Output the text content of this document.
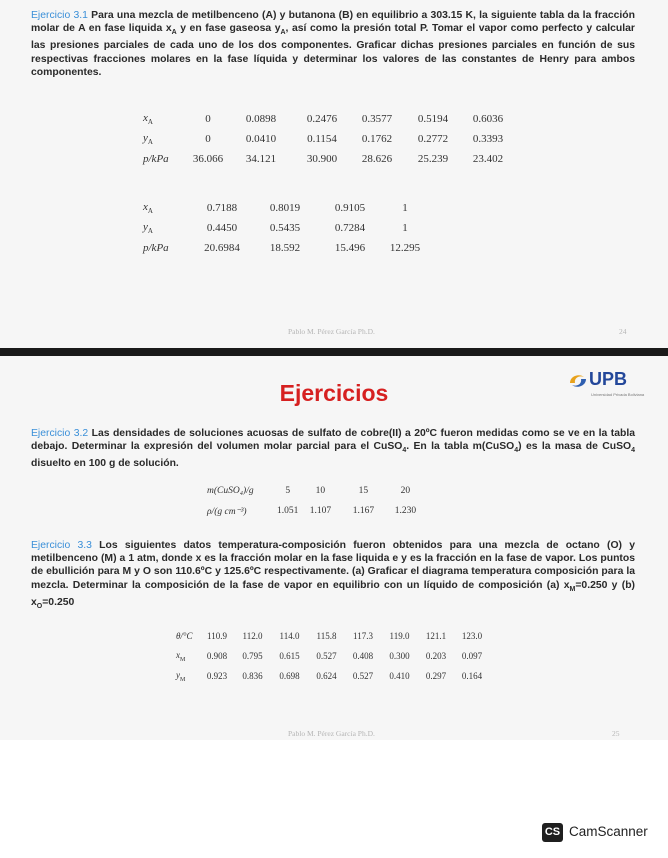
Ejercicio 3.1 Para una mezcla de metilbenceno (A) y butanona (B) en equilibrio a 303.15 K, la siguiente tabla da la fracción molar de A en fase liquida $x_A$ y en fase gaseosa $y_A$, así como la presión total P. Tomar el vapor como perfecto y calcular las presiones parciales de cada uno de los dos componentes. Graficar dichas presiones parciales en función de sus respectivas fracciones molares en la fase líquida y determinar los valores de las constantes de Henry para ambos componentes.

$x_A$	0	0.0898	0.2476	0.3577	0.5194	0.6036
$y_A$	0	0.0410	0.1154	0.1762	0.2772	0.3393
p/kPa	36.066	34.121	30.900	28.626	25.239	23.402
$x_A$	0.7188	0.8019	0.9105	1
$y_A$	0.4450	0.5435	0.7284	1
p/kPa	20.6984	18.592	15.496	12.295
Pablo M. Pérez García Ph.D.	24
Ejercicios
UPB
Universidad Privada Boliviana

Ejercicio 3.2 Las densidades de soluciones acuosas de sulfato de cobre(II) a 20ºC fueron medidas como se ve en la tabla debajo. Determinar la expresión del volumen molar parcial para el CuSO$_4$. En la tabla m(CuSO$_4$) es la masa de CuSO$_4$ disuelto en 100 g de solución.

m(CuSO₄)/g	5	10	15	20
ρ/(g cm⁻³)	1.051	1.107	1.167	1.230

Ejercicio 3.3 Los siguientes datos temperatura-composición fueron obtenidos para una mezcla de octano (O) y metilbenceno (M) a 1 atm, donde x es la fracción molar en la fase liquida e y es la fracción en la fase de vapor. Los puntos de ebullición para M y O son 110.6ºC y 125.6ºC respectivamente. (a) Graficar el diagrama temperatura composición para la mezcla. Determinar la composición de la fase de vapor en equilibrio con un líquido de composición (a) $x_M=0.250$ y (b) $x_O=0.250$

θ/°C	110.9	112.0	114.0	115.8	117.3	119.0	121.1	123.0
$x_M$	0.908	0.795	0.615	0.527	0.408	0.300	0.203	0.097
$y_M$	0.923	0.836	0.698	0.624	0.527	0.410	0.297	0.164
Pablo M. Pérez García Ph.D.	25
CS CamScanner
